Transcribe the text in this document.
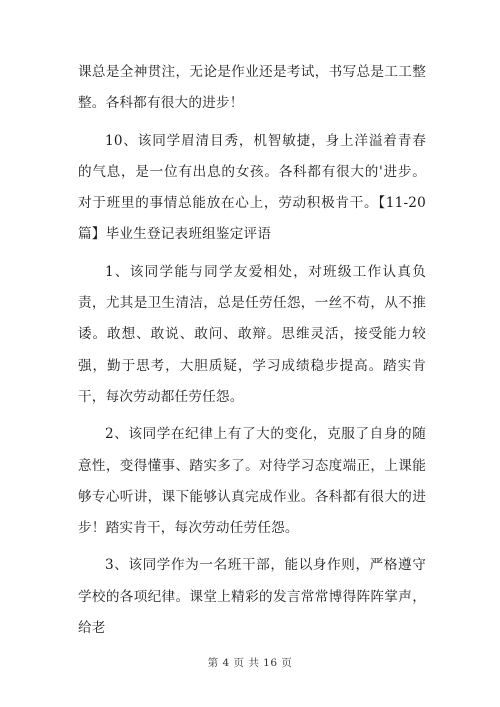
课总是全神贯注，无论是作业还是考试，书写总是工工整整。各科都有很大的进步！

10、该同学眉清目秀，机智敏捷，身上洋溢着青春的气息，是一位有出息的女孩。各科都有很大的'进步。对于班里的事情总能放在心上，劳动积极肯干。【11-20篇】毕业生登记表班组鉴定评语

1、该同学能与同学友爱相处，对班级工作认真负责，尤其是卫生清洁，总是任劳任怨，一丝不苟，从不推诿。敢想、敢说、敢问、敢辩。思维灵活，接受能力较强，勤于思考，大胆质疑，学习成绩稳步提高。踏实肯干，每次劳动都任劳任怨。

2、该同学在纪律上有了大的变化，克服了自身的随意性，变得懂事、踏实多了。对待学习态度端正，上课能够专心听讲，课下能够认真完成作业。各科都有很大的进步！踏实肯干，每次劳动任劳任怨。

3、该同学作为一名班干部，能以身作则，严格遵守学校的各项纪律。课堂上精彩的发言常常博得阵阵掌声，给老

第 4 页 共 16 页
